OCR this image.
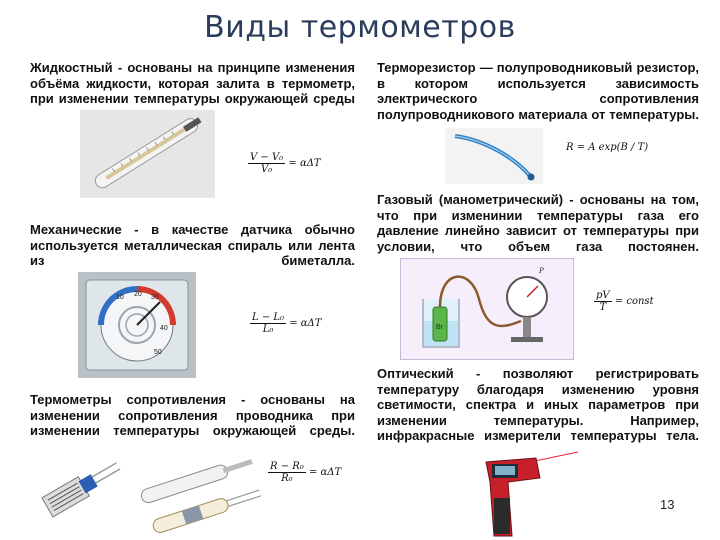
Виды термометров
Жидкостный - основаны на принципе изменения объёма жидкости, которая залита в термометр, при изменении температуры окружающей среды
$\frac{\text{V − V₀}}{\text{V₀}} = \alpha\Delta T$
Терморезистор — полупроводниковый резистор, в котором используется зависимость электрического сопротивления полупроводникового материала от температуры.
R = A exp(B / T)
Механические - в качестве датчика обычно используется металлическая спираль или лента из биметалла.
10 20 30
40
50
$\frac{\text{L − L₀}}{\text{L₀}} = \alpha\Delta T$
Газовый (манометрический) - основаны на том, что при изменинии температуры газа его давление линейно зависит от температуры при условии, что объем газа постоянен.
Вг
P
$\frac{pV}{T}$ = const
Термометры сопротивления - основаны на изменении сопротивления проводника при изменении температуры окружающей среды.
$\frac{\text{R − R₀}}{\text{R₀}} = \alpha\Delta T$
Оптический - позволяют регистрировать температуру благодаря изменению уровня светимости, спектра и иных параметров при изменении температуры. Например, инфракрасные измерители температуры тела.
13
